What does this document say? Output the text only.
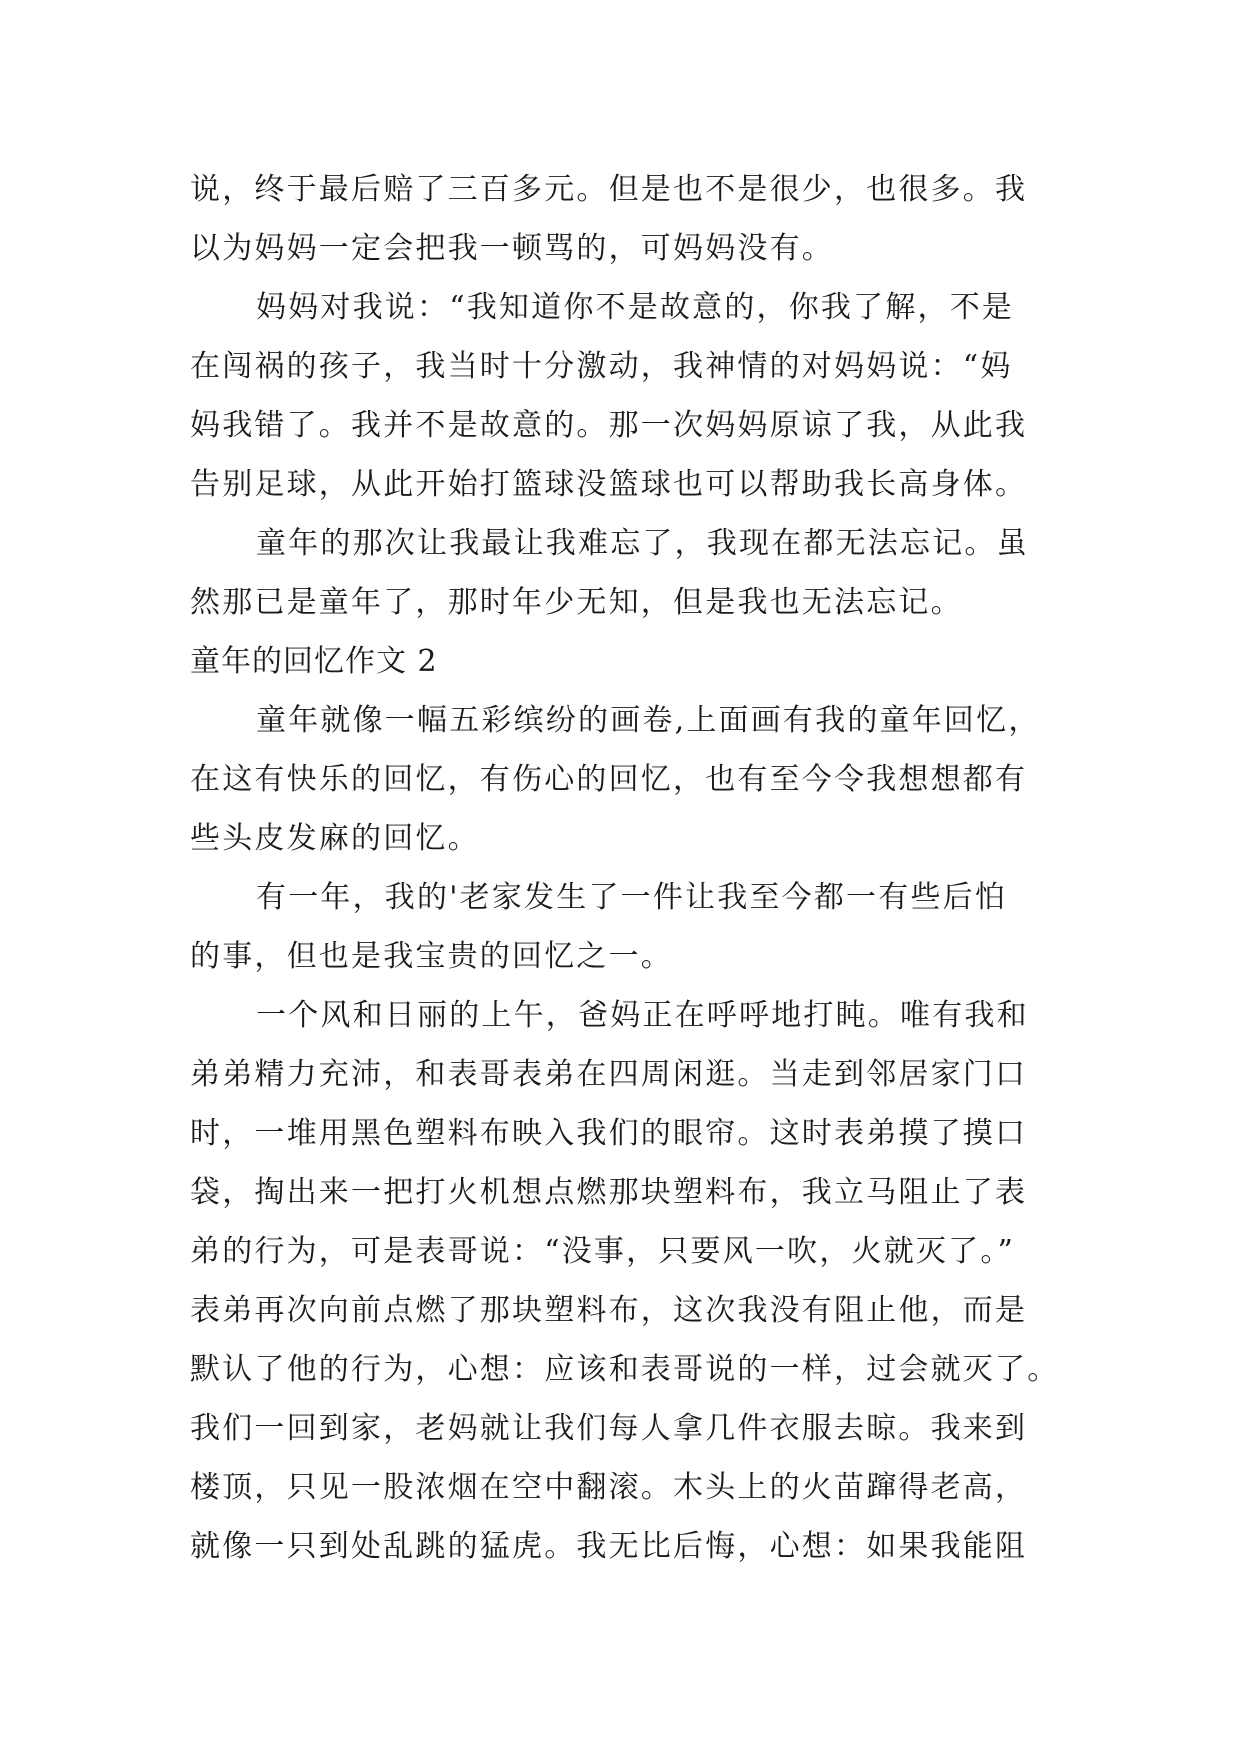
说，终于最后赔了三百多元。但是也不是很少，也很多。我
以为妈妈一定会把我一顿骂的，可妈妈没有。
妈妈对我说：“我知道你不是故意的，你我了解，不是
在闯祸的孩子，我当时十分激动，我神情的对妈妈说：“妈
妈我错了。我并不是故意的。那一次妈妈原谅了我，从此我
告别足球，从此开始打篮球没篮球也可以帮助我长高身体。
童年的那次让我最让我难忘了，我现在都无法忘记。虽
然那已是童年了，那时年少无知，但是我也无法忘记。
童年的回忆作文 2
童年就像一幅五彩缤纷的画卷,上面画有我的童年回忆，
在这有快乐的回忆，有伤心的回忆，也有至今令我想想都有
些头皮发麻的回忆。
有一年，我的'老家发生了一件让我至今都一有些后怕
的事，但也是我宝贵的回忆之一。
一个风和日丽的上午，爸妈正在呼呼地打盹。唯有我和
弟弟精力充沛，和表哥表弟在四周闲逛。当走到邻居家门口
时，一堆用黑色塑料布映入我们的眼帘。这时表弟摸了摸口
袋，掏出来一把打火机想点燃那块塑料布，我立马阻止了表
弟的行为，可是表哥说：“没事，只要风一吹，火就灭了。”
表弟再次向前点燃了那块塑料布，这次我没有阻止他，而是
默认了他的行为，心想：应该和表哥说的一样，过会就灭了。
我们一回到家，老妈就让我们每人拿几件衣服去晾。我来到
楼顶，只见一股浓烟在空中翻滚。木头上的火苗蹿得老高，
就像一只到处乱跳的猛虎。我无比后悔，心想：如果我能阻
